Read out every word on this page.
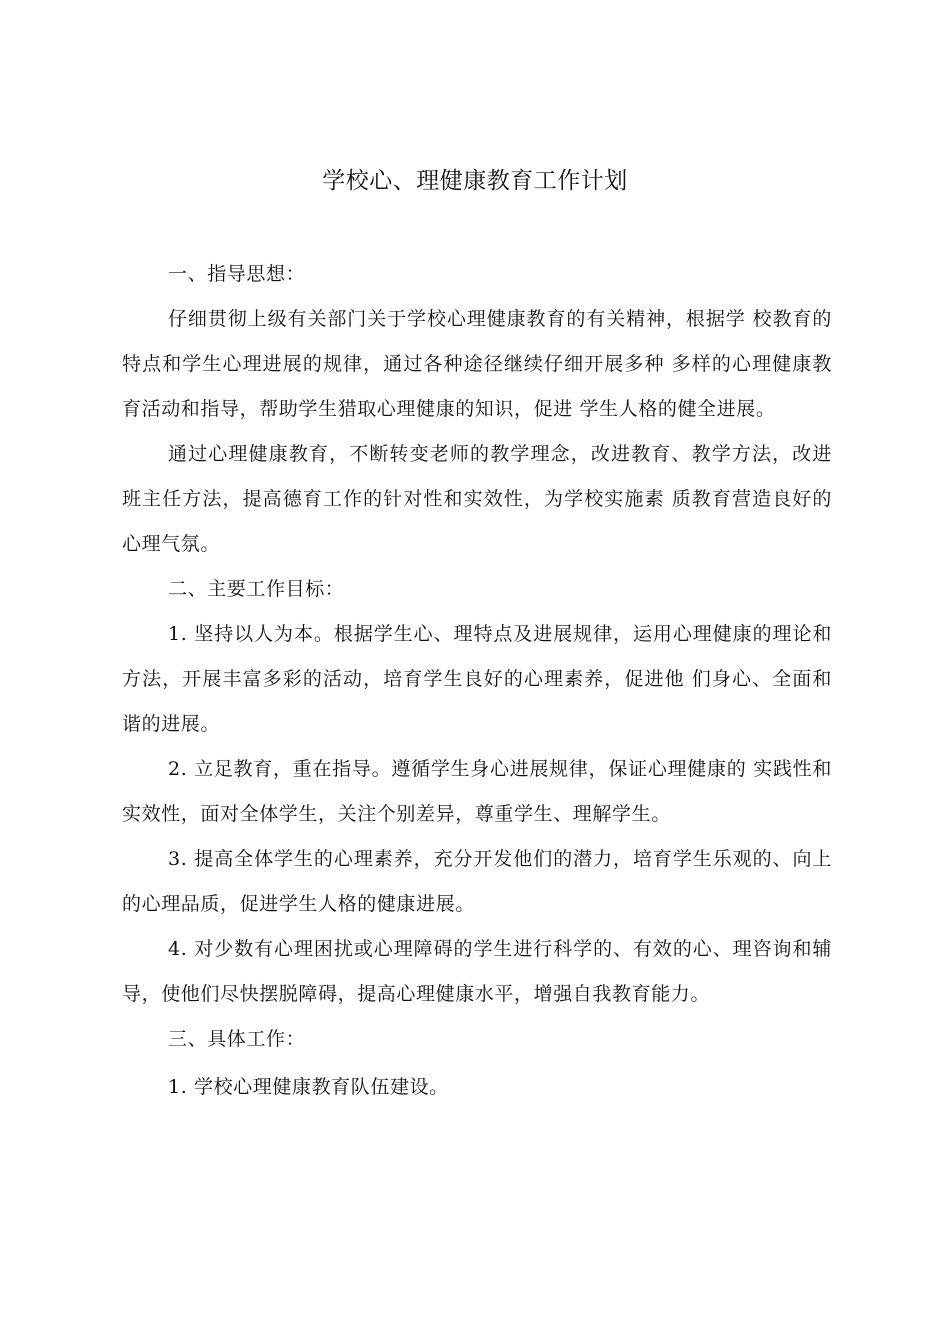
学校心、理健康教育工作计划

一、指导思想：

仔细贯彻上级有关部门关于学校心理健康教育的有关精神，根据学 校教育的特点和学生心理进展的规律，通过各种途径继续仔细开展多种 多样的心理健康教育活动和指导，帮助学生猎取心理健康的知识，促进 学生人格的健全进展。

通过心理健康教育，不断转变老师的教学理念，改进教育、教学方法，改进班主任方法，提高德育工作的针对性和实效性，为学校实施素 质教育营造良好的心理气氛。

二、主要工作目标：

1. 坚持以人为本。根据学生心、理特点及进展规律，运用心理健康的理论和方法，开展丰富多彩的活动，培育学生良好的心理素养，促进他 们身心、全面和谐的进展。

2. 立足教育，重在指导。遵循学生身心进展规律，保证心理健康的 实践性和实效性，面对全体学生，关注个别差异，尊重学生、理解学生。

3. 提高全体学生的心理素养，充分开发他们的潜力，培育学生乐观的、向上的心理品质，促进学生人格的健康进展。

4. 对少数有心理困扰或心理障碍的学生进行科学的、有效的心、理咨询和辅导，使他们尽快摆脱障碍，提高心理健康水平，增强自我教育能力。

三、具体工作：

1. 学校心理健康教育队伍建设。
